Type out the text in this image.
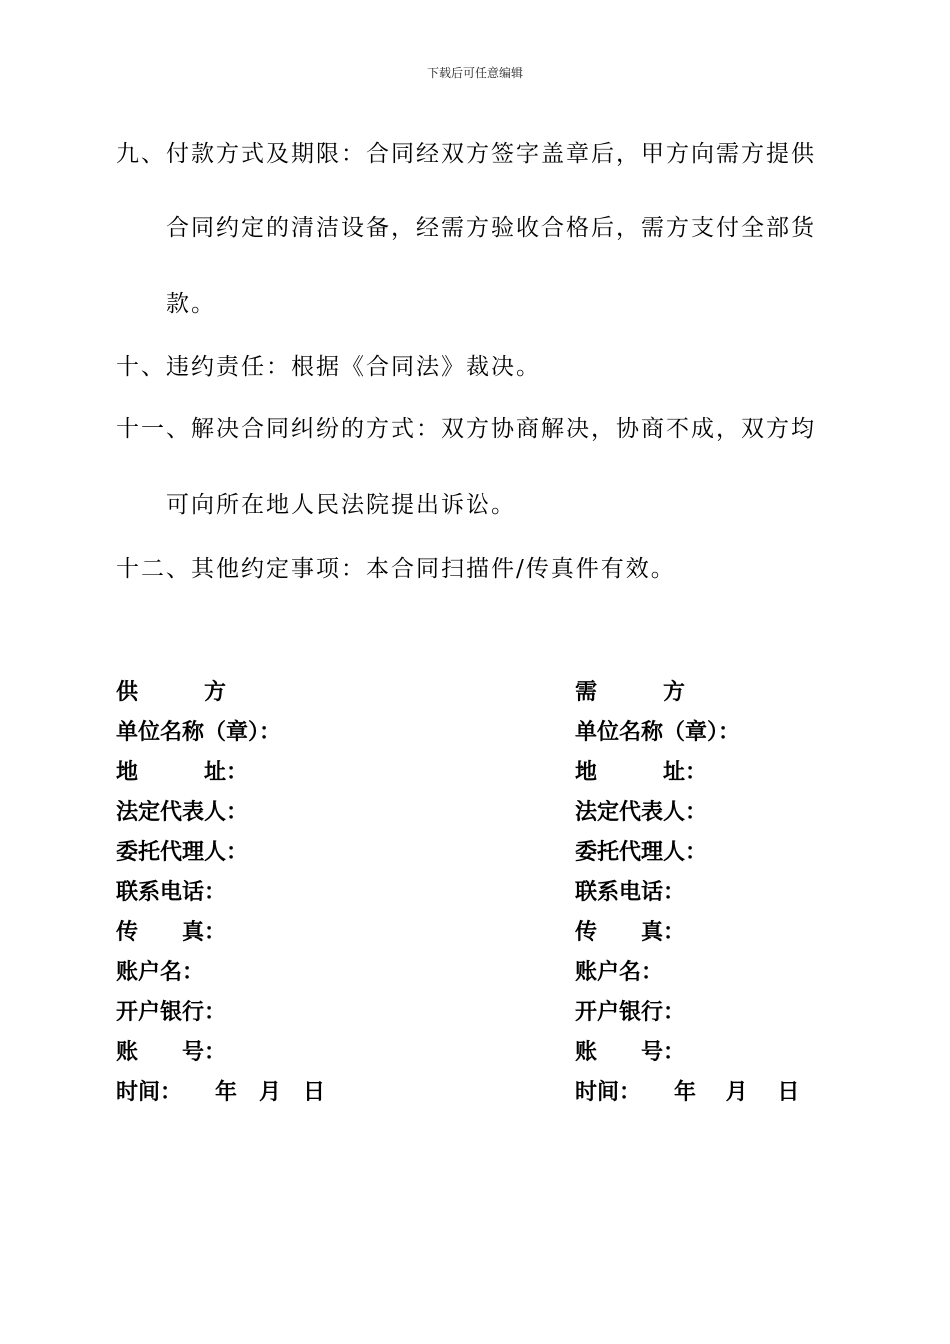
下载后可任意编辑
九、付款方式及期限：合同经双方签字盖章后，甲方向需方提供
合同约定的清洁设备，经需方验收合格后，需方支付全部货
款。
十、违约责任：根据《合同法》裁决。
十一、解决合同纠纷的方式：双方协商解决，协商不成，双方均
可向所在地人民法院提出诉讼。
十二、其他约定事项：本合同扫描件/传真件有效。
供　　　方
单位名称（章）：
地　　　址：
法定代表人：
委托代理人：
联系电话：
传　　真：
账户名：
开户银行：
账　　号：
时间：　　年　月　日
需　　　方
单位名称（章）：
地　　　址：
法定代表人：
委托代理人：
联系电话：
传　　真：
账户名：
开户银行：
账　　号：
时间：　　年　 月　 日
